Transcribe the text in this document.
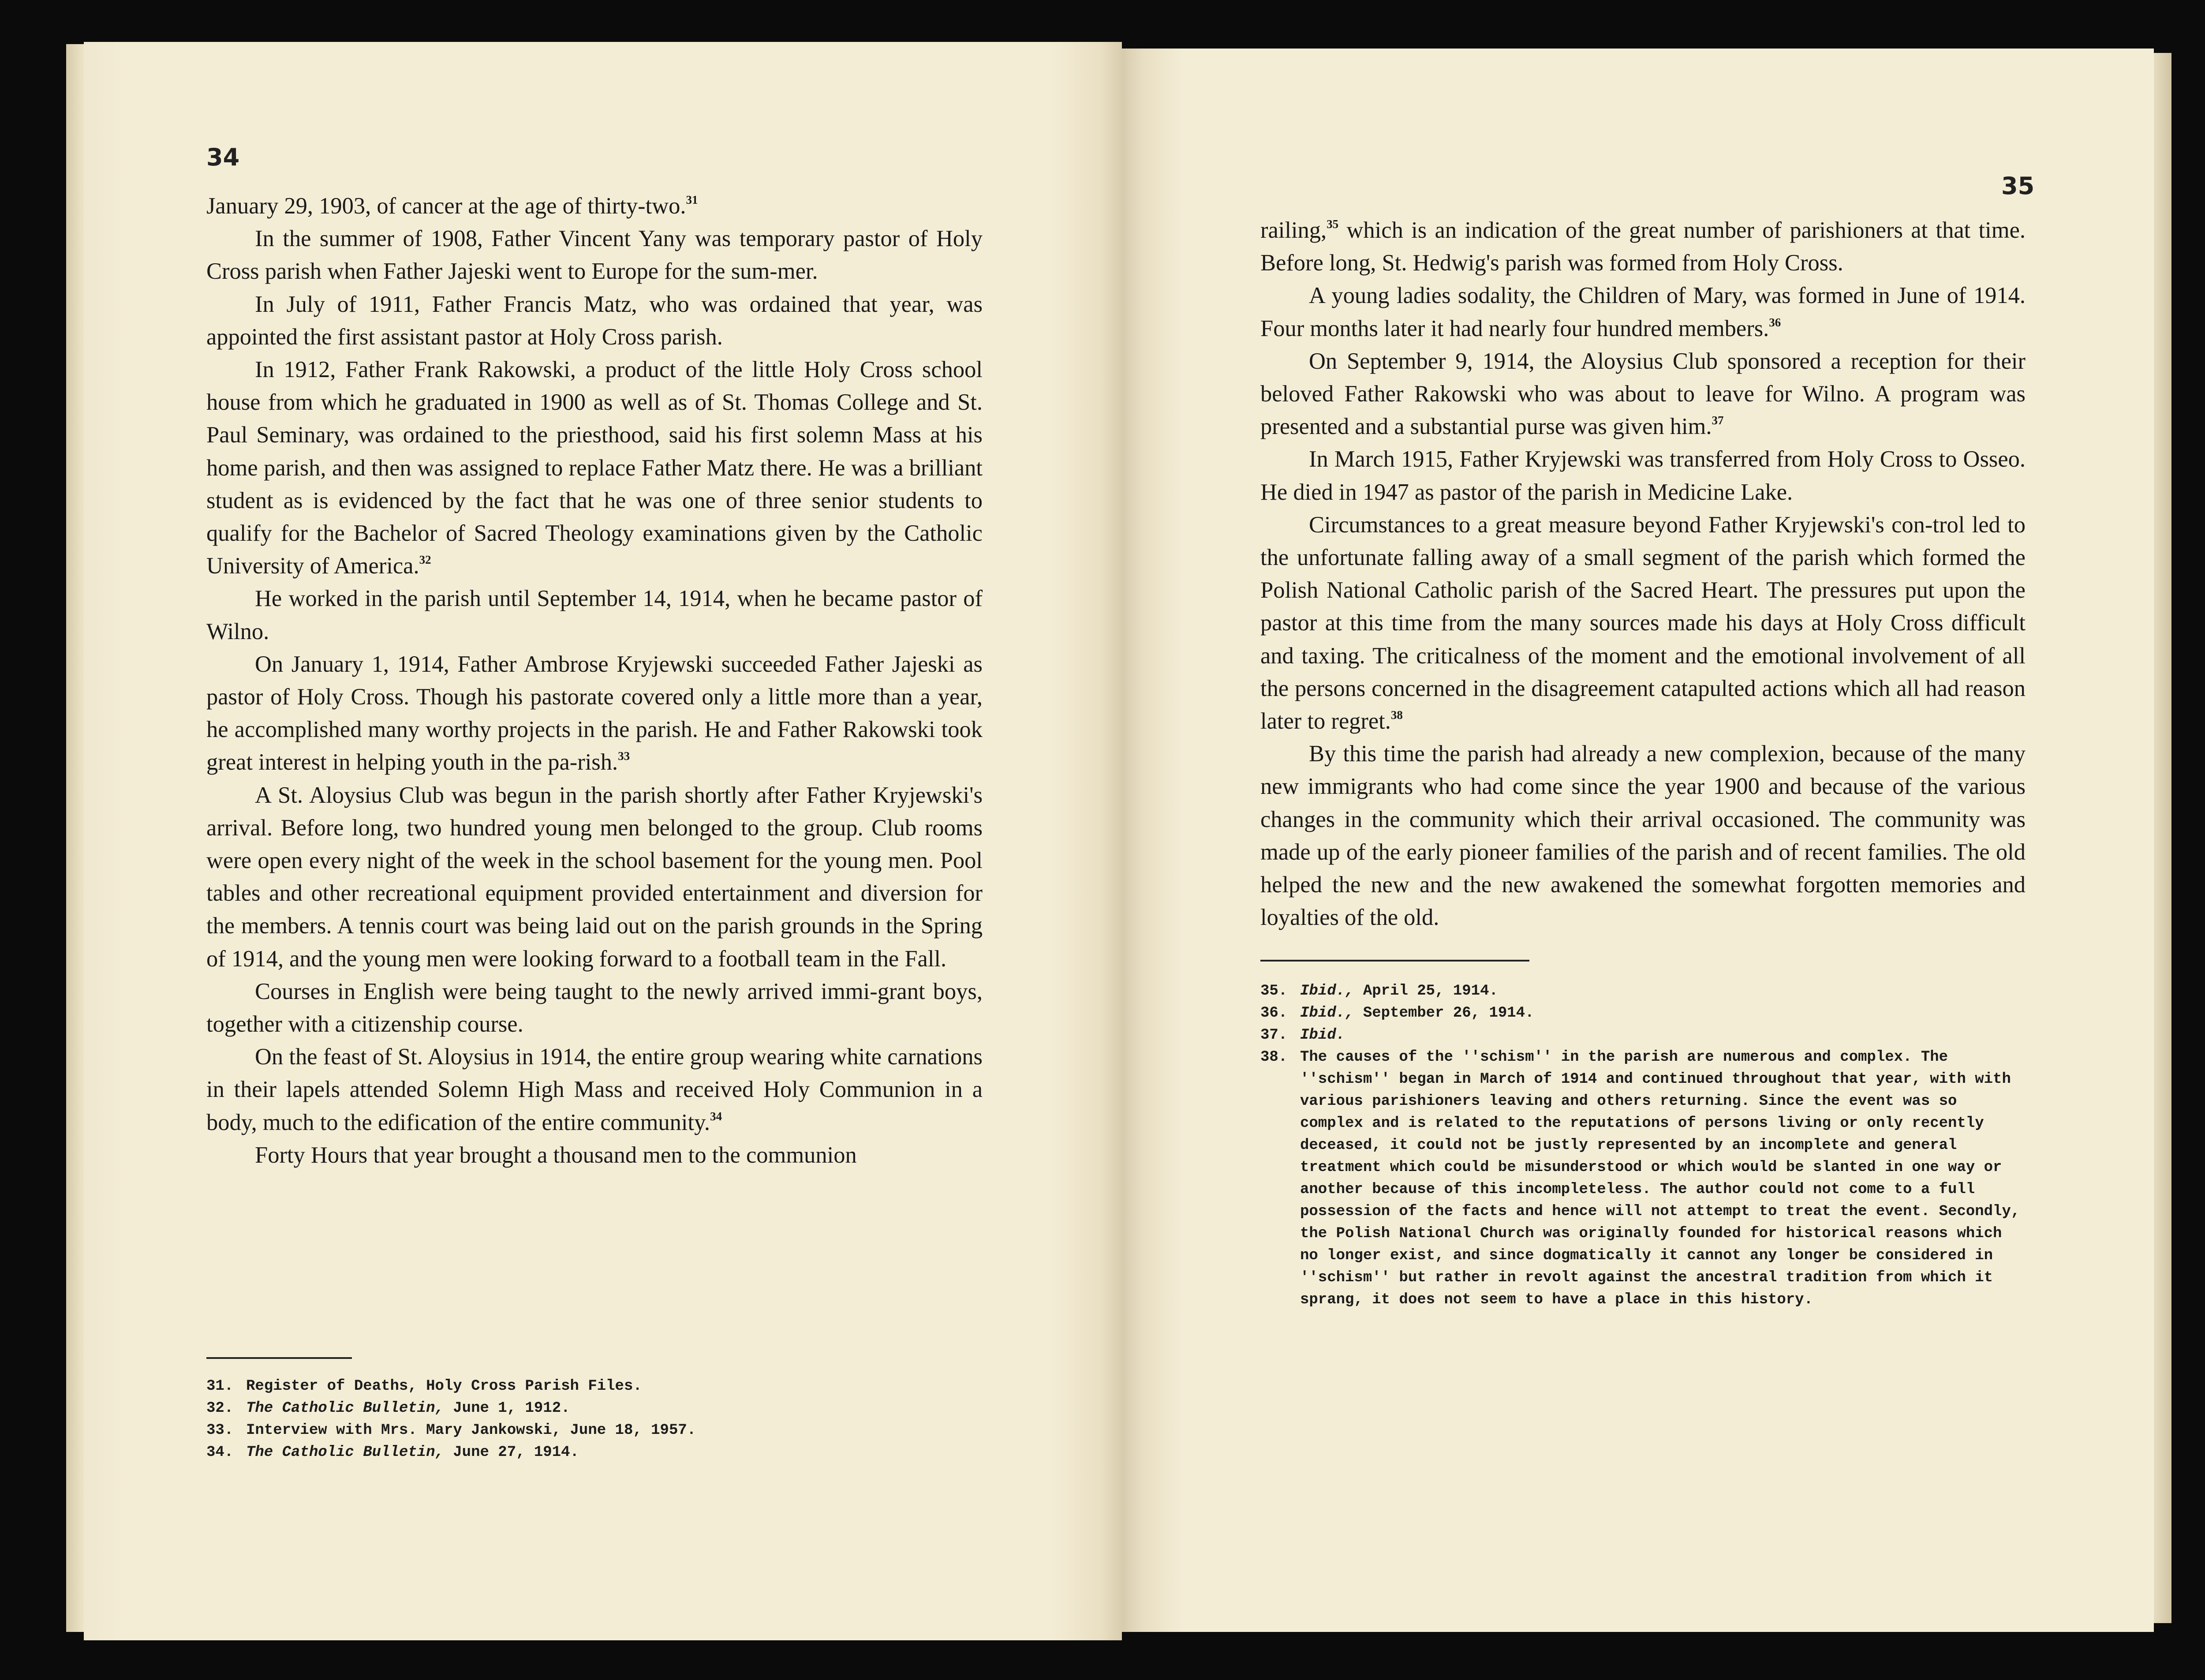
34

January 29, 1903, of cancer at the age of thirty-two.$^{31}$

In the summer of 1908, Father Vincent Yany was temporary pastor of Holy Cross parish when Father Jajeski went to Europe for the sum-mer.

In July of 1911, Father Francis Matz, who was ordained that year, was appointed the first assistant pastor at Holy Cross parish.

In 1912, Father Frank Rakowski, a product of the little Holy Cross school house from which he graduated in 1900 as well as of St. Thomas College and St. Paul Seminary, was ordained to the priesthood, said his first solemn Mass at his home parish, and then was assigned to replace Father Matz there. He was a brilliant student as is evidenced by the fact that he was one of three senior students to qualify for the Bachelor of Sacred Theology examinations given by the Catholic University of America.$^{32}$

He worked in the parish until September 14, 1914, when he became pastor of Wilno.

On January 1, 1914, Father Ambrose Kryjewski succeeded Father Jajeski as pastor of Holy Cross. Though his pastorate covered only a little more than a year, he accomplished many worthy projects in the parish. He and Father Rakowski took great interest in helping youth in the pa-rish.$^{33}$

A St. Aloysius Club was begun in the parish shortly after Father Kryjewski's arrival. Before long, two hundred young men belonged to the group. Club rooms were open every night of the week in the school basement for the young men. Pool tables and other recreational equipment provided entertainment and diversion for the members. A tennis court was being laid out on the parish grounds in the Spring of 1914, and the young men were looking forward to a football team in the Fall.

Courses in English were being taught to the newly arrived immi-grant boys, together with a citizenship course.

On the feast of St. Aloysius in 1914, the entire group wearing white carnations in their lapels attended Solemn High Mass and received Holy Communion in a body, much to the edification of the entire community.$^{34}$

Forty Hours that year brought a thousand men to the communion

31. Register of Deaths, Holy Cross Parish Files.
32. The Catholic Bulletin, June 1, 1912.
33. Interview with Mrs. Mary Jankowski, June 18, 1957.
34. The Catholic Bulletin, June 27, 1914.
35

railing,$^{35}$ which is an indication of the great number of parishioners at that time. Before long, St. Hedwig's parish was formed from Holy Cross.

A young ladies sodality, the Children of Mary, was formed in June of 1914. Four months later it had nearly four hundred members.$^{36}$

On September 9, 1914, the Aloysius Club sponsored a reception for their beloved Father Rakowski who was about to leave for Wilno. A program was presented and a substantial purse was given him.$^{37}$

In March 1915, Father Kryjewski was transferred from Holy Cross to Osseo. He died in 1947 as pastor of the parish in Medicine Lake.

Circumstances to a great measure beyond Father Kryjewski's con-trol led to the unfortunate falling away of a small segment of the parish which formed the Polish National Catholic parish of the Sacred Heart. The pressures put upon the pastor at this time from the many sources made his days at Holy Cross difficult and taxing. The criticalness of the moment and the emotional involvement of all the persons concerned in the disagreement catapulted actions which all had reason later to regret.$^{38}$

By this time the parish had already a new complexion, because of the many new immigrants who had come since the year 1900 and because of the various changes in the community which their arrival occasioned. The community was made up of the early pioneer families of the parish and of recent families. The old helped the new and the new awakened the somewhat forgotten memories and loyalties of the old.

35. Ibid., April 25, 1914.
36. Ibid., September 26, 1914.
37. Ibid.
38. The causes of the ''schism'' in the parish are numerous and complex. The ''schism'' began in March of 1914 and continued throughout that year, with with various parishioners leaving and others returning. Since the event was so complex and is related to the reputations of persons living or only recently deceased, it could not be justly represented by an incomplete and general treatment which could be misunderstood or which would be slanted in one way or another because of this incompleteless. The author could not come to a full possession of the facts and hence will not attempt to treat the event. Secondly, the Polish National Church was originally founded for historical reasons which no longer exist, and since dogmatically it cannot any longer be considered in ''schism'' but rather in revolt against the ancestral tradition from which it sprang, it does not seem to have a place in this history.
